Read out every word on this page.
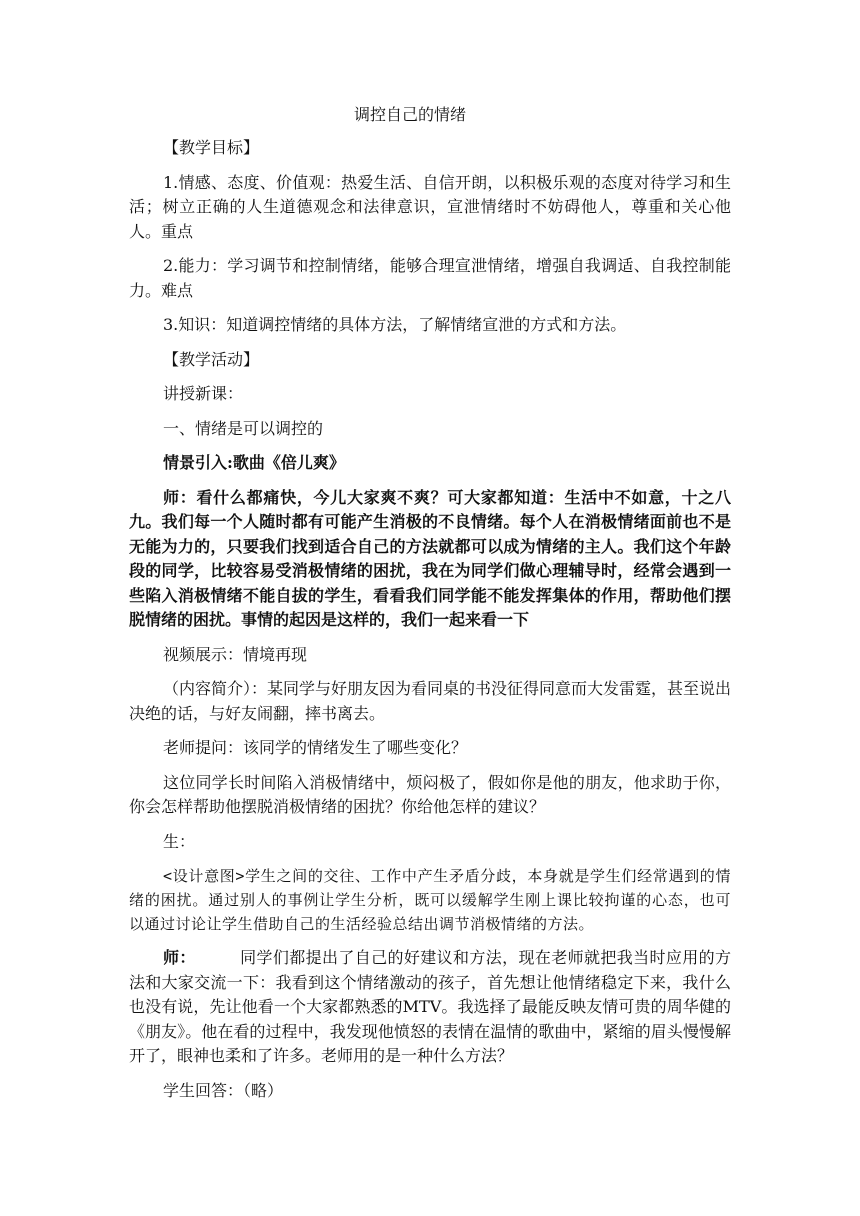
调控自己的情绪

【教学目标】

1.情感、态度、价值观：热爱生活、自信开朗，以积极乐观的态度对待学习和生活；树立正确的人生道德观念和法律意识，宣泄情绪时不妨碍他人，尊重和关心他人。重点

2.能力：学习调节和控制情绪，能够合理宣泄情绪，增强自我调适、自我控制能力。难点

3.知识：知道调控情绪的具体方法，了解情绪宣泄的方式和方法。

【教学活动】

讲授新课：

一、情绪是可以调控的

情景引入:歌曲《倍儿爽》

师：看什么都痛快，今儿大家爽不爽？可大家都知道：生活中不如意，十之八九。我们每一个人随时都有可能产生消极的不良情绪。每个人在消极情绪面前也不是无能为力的，只要我们找到适合自己的方法就都可以成为情绪的主人。我们这个年龄段的同学，比较容易受消极情绪的困扰，我在为同学们做心理辅导时，经常会遇到一些陷入消极情绪不能自拔的学生，看看我们同学能不能发挥集体的作用，帮助他们摆脱情绪的困扰。事情的起因是这样的，我们一起来看一下

视频展示：情境再现

（内容简介）：某同学与好朋友因为看同桌的书没征得同意而大发雷霆，甚至说出决绝的话，与好友闹翻，摔书离去。

老师提问：该同学的情绪发生了哪些变化？

这位同学长时间陷入消极情绪中，烦闷极了，假如你是他的朋友，他求助于你，你会怎样帮助他摆脱消极情绪的困扰？你给他怎样的建议？

生：

<设计意图>学生之间的交往、工作中产生矛盾分歧，本身就是学生们经常遇到的情绪的困扰。通过别人的事例让学生分析，既可以缓解学生刚上课比较拘谨的心态，也可以通过讨论让学生借助自己的生活经验总结出调节消极情绪的方法。

师：	同学们都提出了自己的好建议和方法，现在老师就把我当时应用的方法和大家交流一下：我看到这个情绪激动的孩子，首先想让他情绪稳定下来，我什么也没有说，先让他看一个大家都熟悉的MTV。我选择了最能反映友情可贵的周华健的《朋友》。他在看的过程中，我发现他愤怒的表情在温情的歌曲中，紧缩的眉头慢慢解开了，眼神也柔和了许多。老师用的是一种什么方法？

学生回答：（略）
